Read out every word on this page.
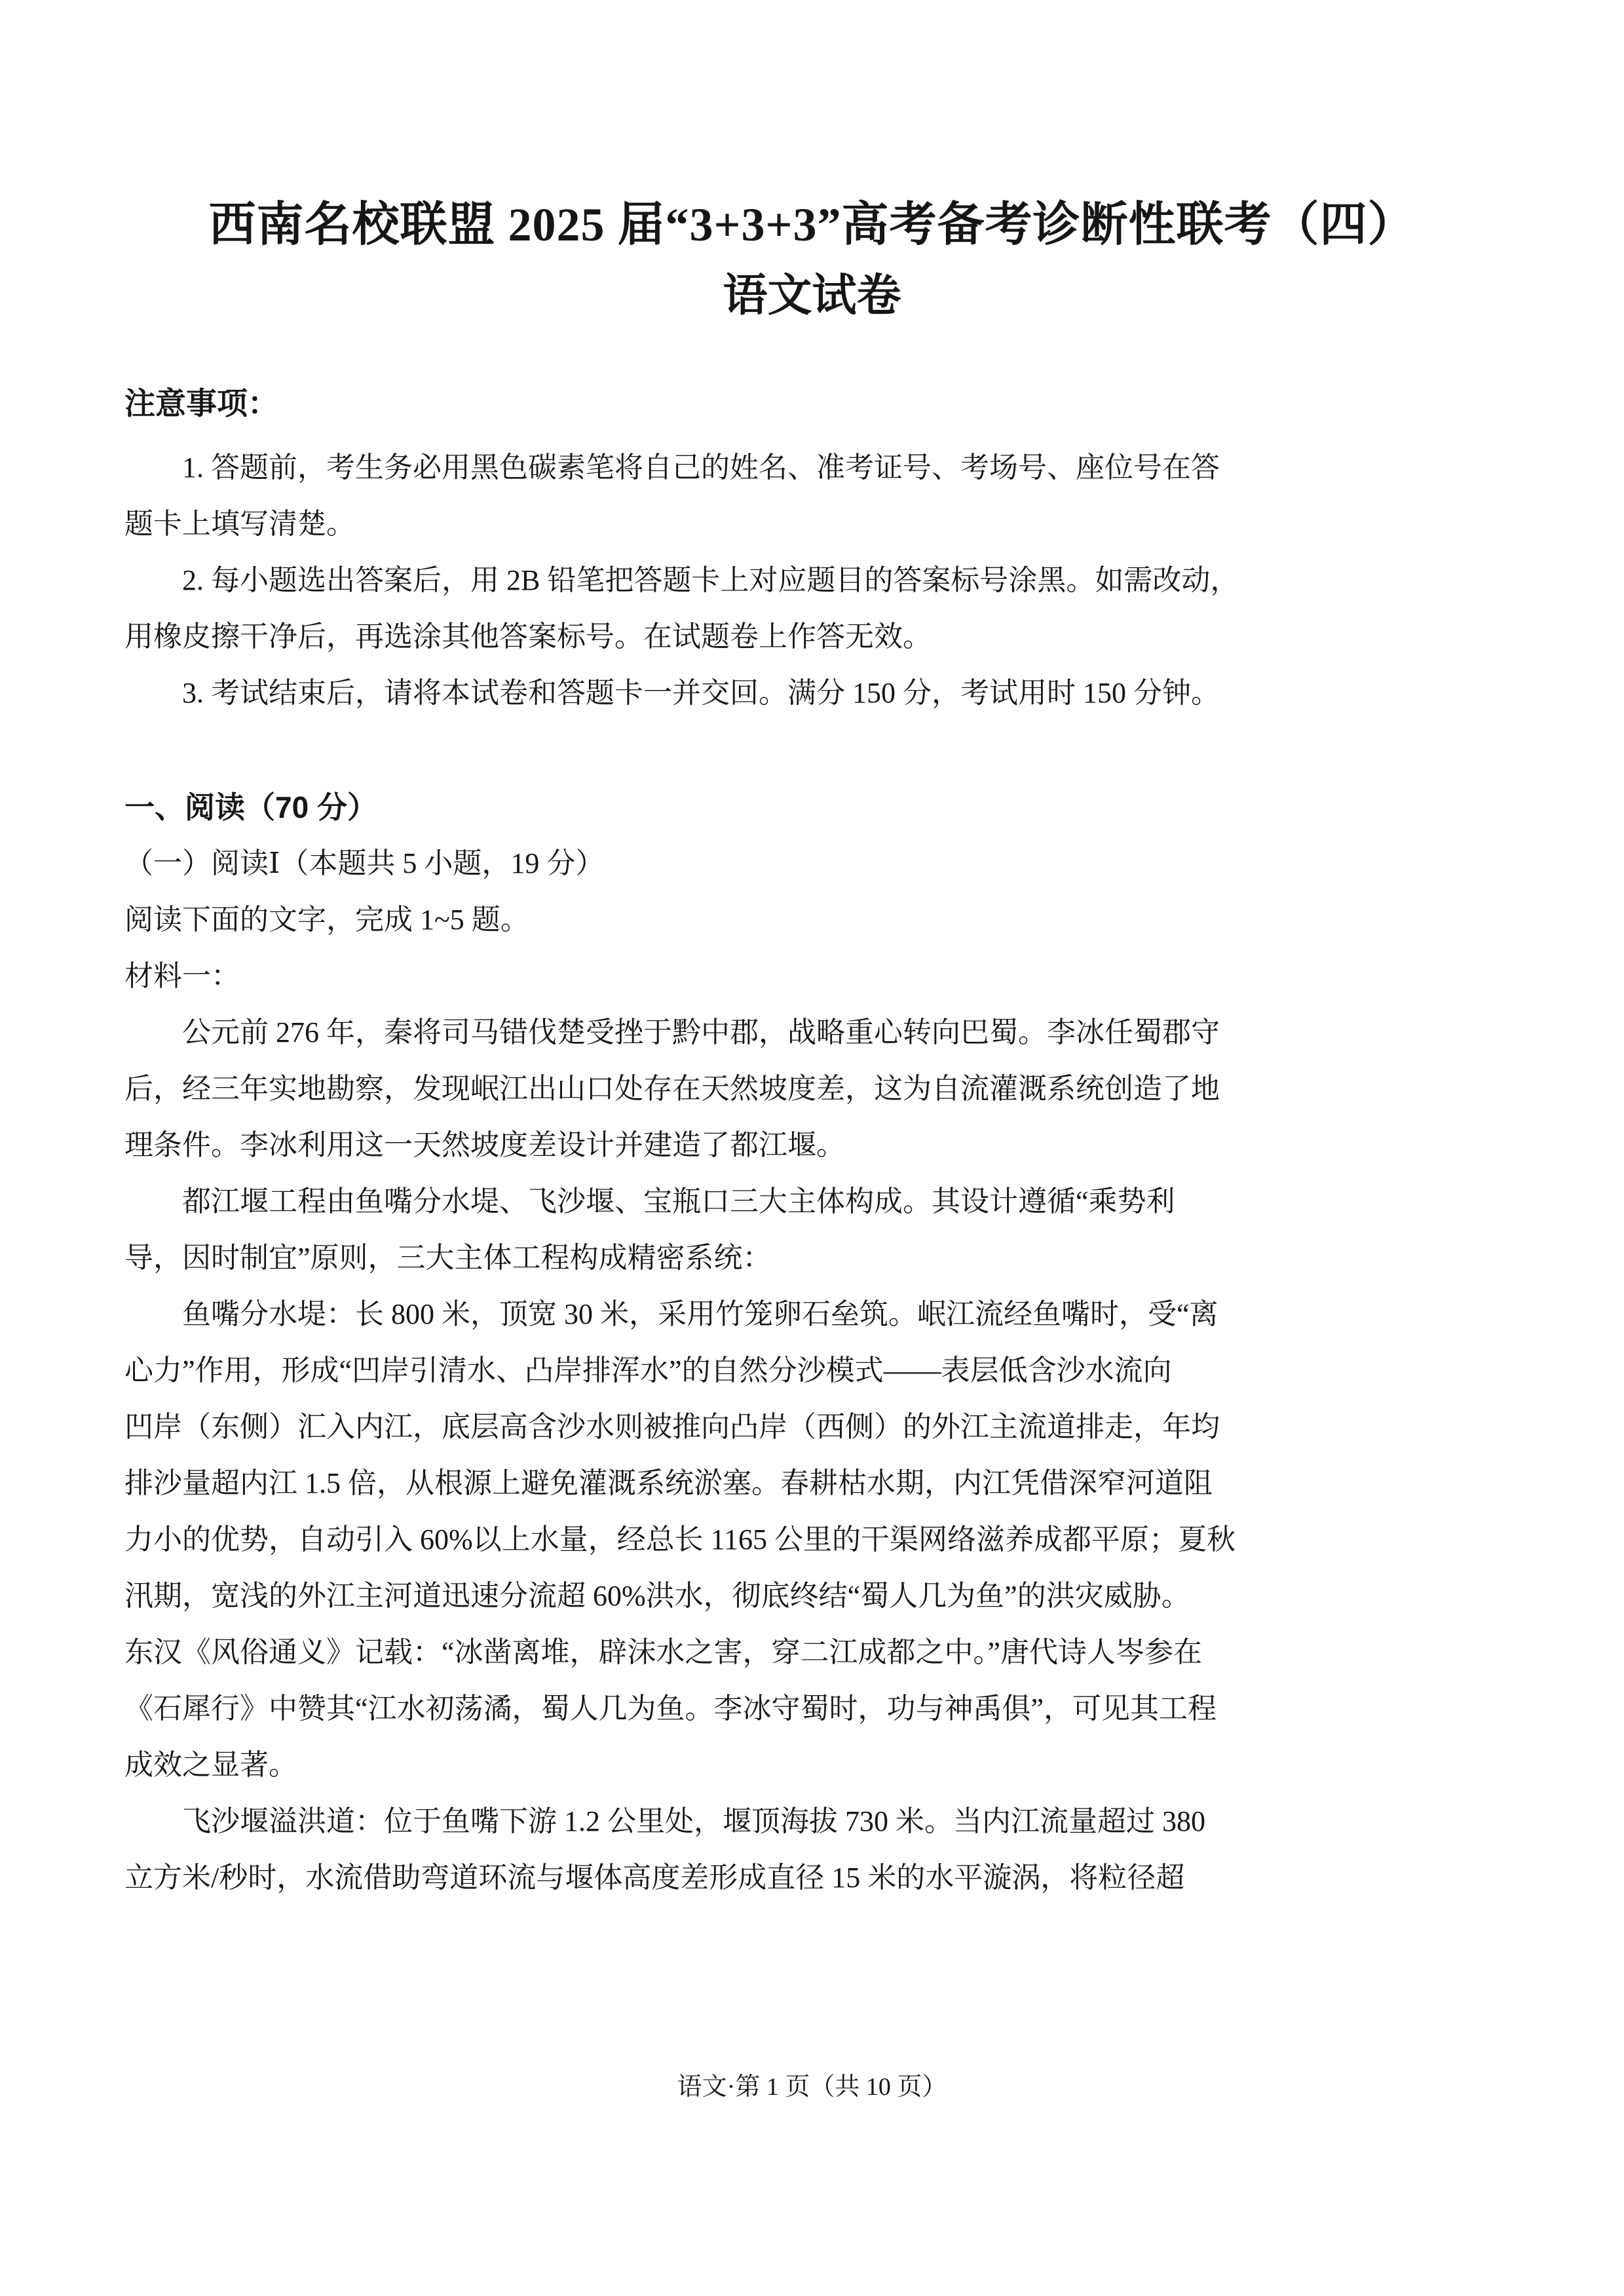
西南名校联盟 2025 届“3+3+3”高考备考诊断性联考（四）
语文试卷
注意事项：
1. 答题前，考生务必用黑色碳素笔将自己的姓名、准考证号、考场号、座位号在答
题卡上填写清楚。
2. 每小题选出答案后，用 2B 铅笔把答题卡上对应题目的答案标号涂黑。如需改动，
用橡皮擦干净后，再选涂其他答案标号。在试题卷上作答无效。
3. 考试结束后，请将本试卷和答题卡一并交回。满分 150 分，考试用时 150 分钟。
一、阅读（70 分）
（一）阅读Ⅰ（本题共 5 小题，19 分）
阅读下面的文字，完成 1~5 题。
材料一：
公元前 276 年，秦将司马错伐楚受挫于黔中郡，战略重心转向巴蜀。李冰任蜀郡守
后，经三年实地勘察，发现岷江出山口处存在天然坡度差，这为自流灌溉系统创造了地
理条件。李冰利用这一天然坡度差设计并建造了都江堰。
都江堰工程由鱼嘴分水堤、飞沙堰、宝瓶口三大主体构成。其设计遵循“乘势利
导，因时制宜”原则，三大主体工程构成精密系统：
鱼嘴分水堤：长 800 米，顶宽 30 米，采用竹笼卵石垒筑。岷江流经鱼嘴时，受“离
心力”作用，形成“凹岸引清水、凸岸排浑水”的自然分沙模式——表层低含沙水流向
凹岸（东侧）汇入内江，底层高含沙水则被推向凸岸（西侧）的外江主流道排走，年均
排沙量超内江 1.5 倍，从根源上避免灌溉系统淤塞。春耕枯水期，内江凭借深窄河道阻
力小的优势，自动引入 60%以上水量，经总长 1165 公里的干渠网络滋养成都平原；夏秋
汛期，宽浅的外江主河道迅速分流超 60%洪水，彻底终结“蜀人几为鱼”的洪灾威胁。
东汉《风俗通义》记载：“冰凿离堆，辟沫水之害，穿二江成都之中。”唐代诗人岑参在
《石犀行》中赞其“江水初荡潏，蜀人几为鱼。李冰守蜀时，功与神禹俱”，可见其工程
成效之显著。
飞沙堰溢洪道：位于鱼嘴下游 1.2 公里处，堰顶海拔 730 米。当内江流量超过 380
立方米/秒时，水流借助弯道环流与堰体高度差形成直径 15 米的水平漩涡，将粒径超
语文·第 1 页（共 10 页）
